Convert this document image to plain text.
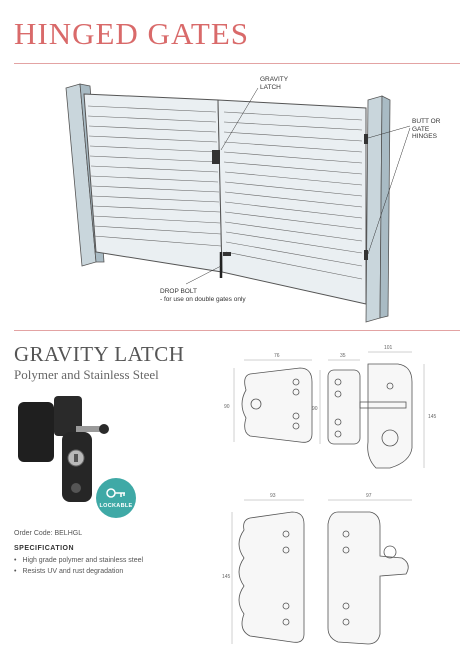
HINGED GATES
GRAVITY LATCH
BUTT OR GATE HINGES
DROP BOLT
- for use on double gates only
GRAVITY LATCH
Polymer and Stainless Steel
LOCKABLE
Order Code: BELHGL
SPECIFICATION
• High grade polymer and stainless steel
• Resists UV and rust degradation
76
90
35
101
90
145
93	97
145
